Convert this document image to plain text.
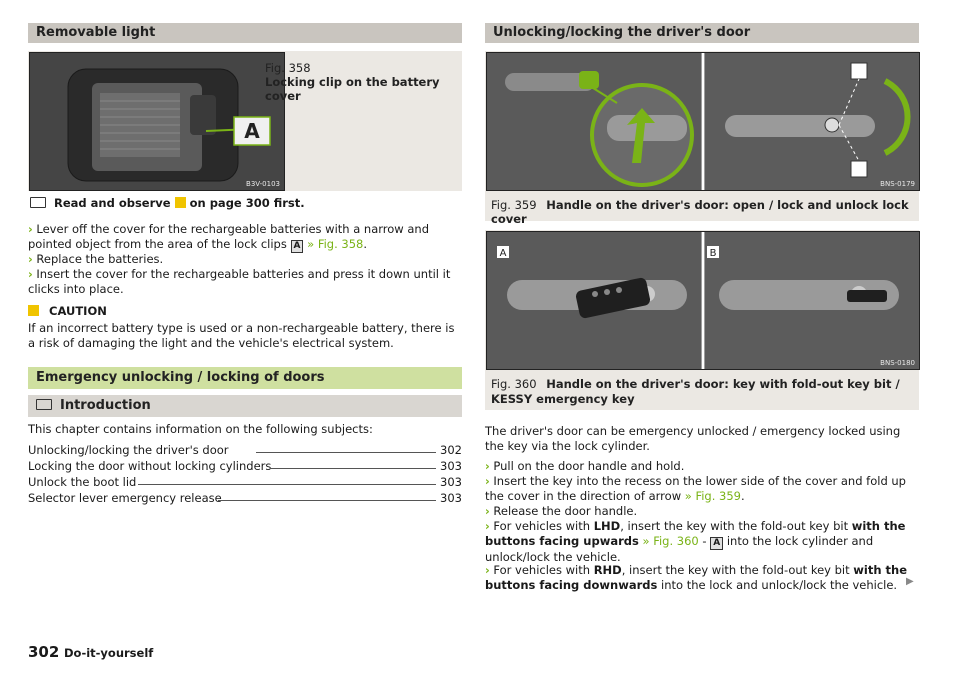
Removable light
A
B3V-0103
Fig. 358
Locking clip on the battery cover
Read and observe on page 300 first.
› Lever off the cover for the rechargeable batteries with a narrow and pointed object from the area of the lock clips A » Fig. 358.
› Replace the batteries.
› Insert the cover for the rechargeable batteries and press it down until it clicks into place.
CAUTION
If an incorrect battery type is used or a non-rechargeable battery, there is a risk of damaging the light and the vehicle's electrical system.
Emergency unlocking / locking of doors
Introduction
This chapter contains information on the following subjects:
Unlocking/locking the driver's door	302
Locking the door without locking cylinders	303
Unlock the boot lid	303
Selector lever emergency release	303
Unlocking/locking the driver's door
BNS-0179
Fig. 359 Handle on the driver's door: open / lock and unlock lock cover
A	B
BNS-0180
Fig. 360 Handle on the driver's door: key with fold-out key bit / KESSY emergency key
The driver's door can be emergency unlocked / emergency locked using the key via the lock cylinder.
› Pull on the door handle and hold.
› Insert the key into the recess on the lower side of the cover and fold up the cover in the direction of arrow » Fig. 359.
› Release the door handle.
› For vehicles with LHD, insert the key with the fold-out key bit with the buttons facing upwards » Fig. 360 - A into the lock cylinder and unlock/lock the vehicle.
› For vehicles with RHD, insert the key with the fold-out key bit with the buttons facing downwards into the lock and unlock/lock the vehicle. ▶
302 Do-it-yourself
